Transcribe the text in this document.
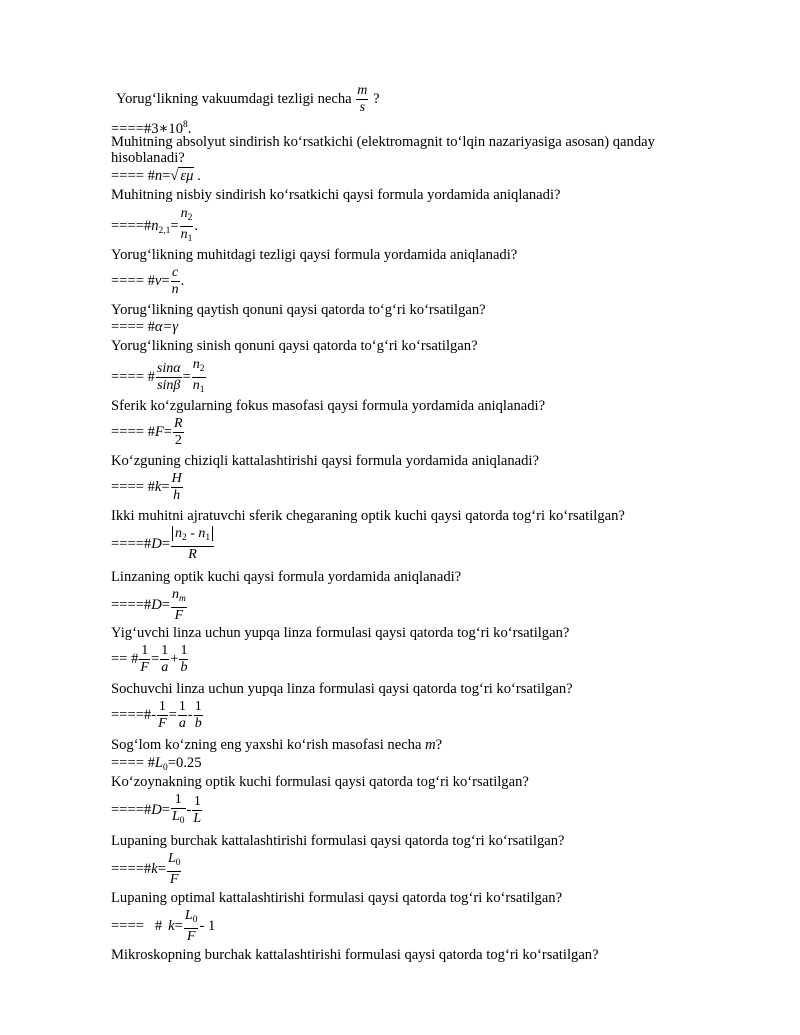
Yorug‘likning vakuumdagi tezligi necha $\frac{m}{s}$ ?
$====\#3∗10^8$.
Muhitning absolyut sindirish ko‘rsatkichi (elektromagnit to‘lqin nazariyasiga asosan) qanday
hisoblanadi?
==== #n=√ εμ .
Muhitning nisbiy sindirish ko‘rsatkichi qaysi formula yordamida aniqlanadi?
$====\#n_{2,1}= \frac{n_2}{n_1}$ .
Yorug‘likning muhitdagi tezligi qaysi formula yordamida aniqlanadi?
==== #v= $\frac{c}{n}$ .
Yorug‘likning qaytish qonuni qaysi qatorda to‘g‘ri ko‘rsatilgan?
==== #α=γ
Yorug‘likning sinish qonuni qaysi qatorda to‘g‘ri ko‘rsatilgan?
==== # $\frac{\sin\alpha}{\sin\beta} = \frac{n_2}{n_1}$
Sferik ko‘zgularning fokus masofasi qaysi formula yordamida aniqlanadi?
==== #F= $\frac{R}{2}$
Ko‘zguning chiziqli kattalashtirishi qaysi formula yordamida aniqlanadi?
==== #k= $\frac{H}{h}$
Ikki muhitni ajratuvchi sferik chegaraning optik kuchi qaysi qatorda tog‘ri ko‘rsatilgan?
====#D= $\frac{n_2 - n_1}{R}$
Linzaning optik kuchi qaysi formula yordamida aniqlanadi?
====#D= $\frac{n_m}{F}$
Yig‘uvchi linza uchun yupqa linza formulasi qaysi qatorda tog‘ri ko‘rsatilgan?
== # $\frac{1}{F} = \frac{1}{a} + \frac{1}{b}$
Sochuvchi linza uchun yupqa linza formulasi qaysi qatorda tog‘ri ko‘rsatilgan?
====#- $\frac{1}{F} = \frac{1}{a} - \frac{1}{b}$
Sog‘lom ko‘zning eng yaxshi ko‘rish masofasi necha m?
==== $\#L_0=0.25$
Ko‘zoynakning optik kuchi formulasi qaysi qatorda tog‘ri ko‘rsatilgan?
====#D= $\frac{1}{L_0} - \frac{1}{L}$
Lupaning burchak kattalashtirishi formulasi qaysi qatorda tog‘ri ko‘rsatilgan?
====#k= $\frac{L_0}{F}$
Lupaning optimal kattalashtirishi formulasi qaysi qatorda tog‘ri ko‘rsatilgan?
====   # $k= \frac{L_0}{F} - 1$
Mikroskopning burchak kattalashtirishi formulasi qaysi qatorda tog‘ri ko‘rsatilgan?
